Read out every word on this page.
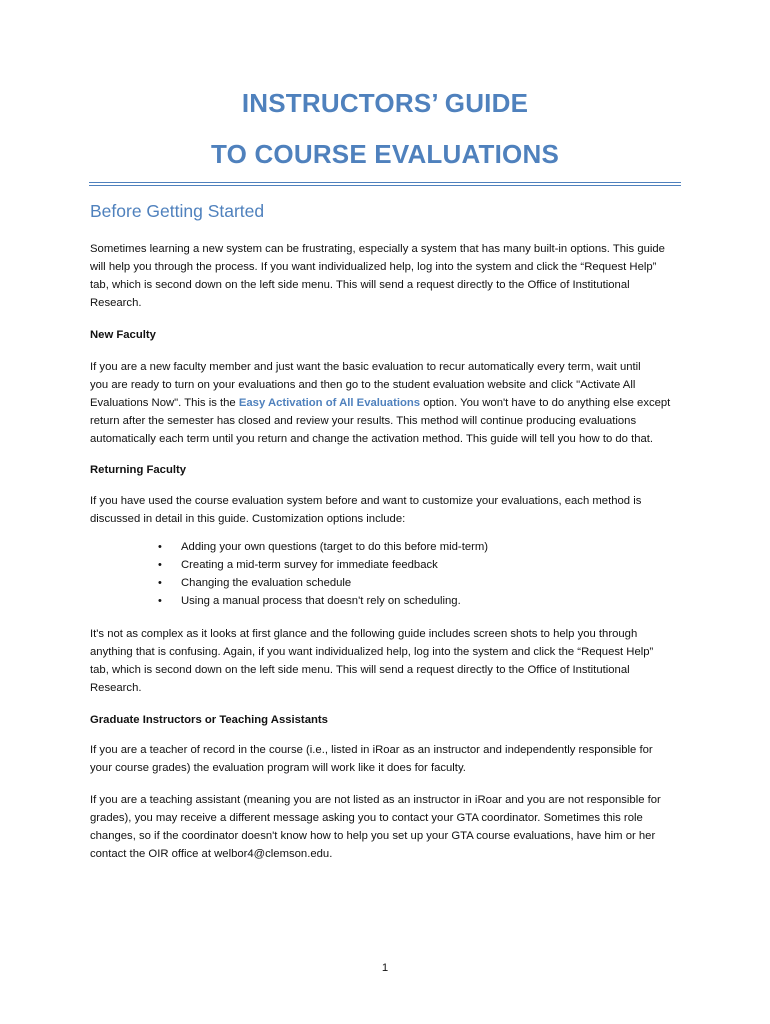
INSTRUCTORS’ GUIDE
TO COURSE EVALUATIONS
Before Getting Started
Sometimes learning a new system can be frustrating, especially a system that has many built-in options. This guide
will help you through the process. If you want individualized help, log into the system and click the “Request Help”
tab, which is second down on the left side menu. This will send a request directly to the Office of Institutional
Research.
New Faculty
If you are a new faculty member and just want the basic evaluation to recur automatically every term, wait until
you are ready to turn on your evaluations and then go to the student evaluation website and click "Activate All
Evaluations Now". This is the Easy Activation of All Evaluations option. You won't have to do anything else except
return after the semester has closed and review your results. This method will continue producing evaluations
automatically each term until you return and change the activation method. This guide will tell you how to do that.
Returning Faculty
If you have used the course evaluation system before and want to customize your evaluations, each method is
discussed in detail in this guide. Customization options include:
• Adding your own questions (target to do this before mid-term)
• Creating a mid-term survey for immediate feedback
• Changing the evaluation schedule
• Using a manual process that doesn't rely on scheduling.
It's not as complex as it looks at first glance and the following guide includes screen shots to help you through
anything that is confusing. Again, if you want individualized help, log into the system and click the “Request Help”
tab, which is second down on the left side menu. This will send a request directly to the Office of Institutional
Research.
Graduate Instructors or Teaching Assistants
If you are a teacher of record in the course (i.e., listed in iRoar as an instructor and independently responsible for
your course grades) the evaluation program will work like it does for faculty.
If you are a teaching assistant (meaning you are not listed as an instructor in iRoar and you are not responsible for
grades), you may receive a different message asking you to contact your GTA coordinator. Sometimes this role
changes, so if the coordinator doesn't know how to help you set up your GTA course evaluations, have him or her
contact the OIR office at welbor4@clemson.edu.
1
